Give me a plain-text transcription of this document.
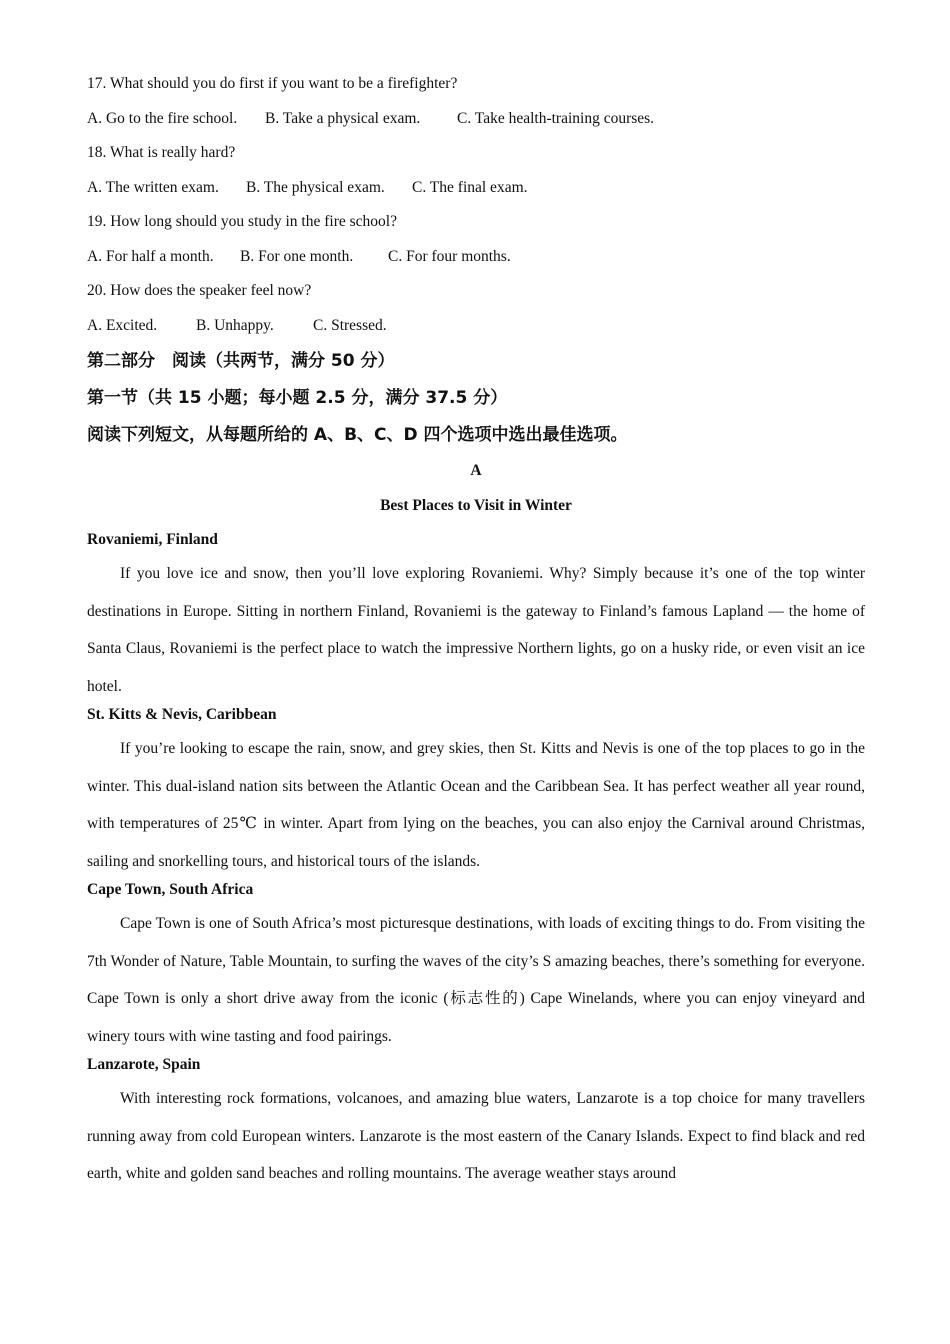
17. What should you do first if you want to be a firefighter?

A. Go to the fire school.	B. Take a physical exam.	C. Take health-training courses.

18. What is really hard?

A. The written exam.	B. The physical exam.	C. The final exam.

19. How long should you study in the fire school?

A. For half a month.	B. For one month.	C. For four months.

20. How does the speaker feel now?

A. Excited.	B. Unhappy.	C. Stressed.

第二部分　阅读（共两节，满分 50 分）

第一节（共 15 小题；每小题 2.5 分，满分 37.5 分）

阅读下列短文，从每题所给的 A、B、C、D 四个选项中选出最佳选项。

A

Best Places to Visit in Winter

Rovaniemi, Finland

If you love ice and snow, then you’ll love exploring Rovaniemi. Why? Simply because it’s one of the top winter destinations in Europe. Sitting in northern Finland, Rovaniemi is the gateway to Finland’s famous Lapland — the home of Santa Claus, Rovaniemi is the perfect place to watch the impressive Northern lights, go on a husky ride, or even visit an ice hotel.

St. Kitts & Nevis, Caribbean

If you’re looking to escape the rain, snow, and grey skies, then St. Kitts and Nevis is one of the top places to go in the winter. This dual-island nation sits between the Atlantic Ocean and the Caribbean Sea. It has perfect weather all year round, with temperatures of 25℃ in winter. Apart from lying on the beaches, you can also enjoy the Carnival around Christmas, sailing and snorkelling tours, and historical tours of the islands.

Cape Town, South Africa

Cape Town is one of South Africa’s most picturesque destinations, with loads of exciting things to do. From visiting the 7th Wonder of Nature, Table Mountain, to surfing the waves of the city’s S amazing beaches, there’s something for everyone. Cape Town is only a short drive away from the iconic (标志性的) Cape Winelands, where you can enjoy vineyard and winery tours with wine tasting and food pairings.

Lanzarote, Spain

With interesting rock formations, volcanoes, and amazing blue waters, Lanzarote is a top choice for many travellers running away from cold European winters. Lanzarote is the most eastern of the Canary Islands. Expect to find black and red earth, white and golden sand beaches and rolling mountains. The average weather stays around
